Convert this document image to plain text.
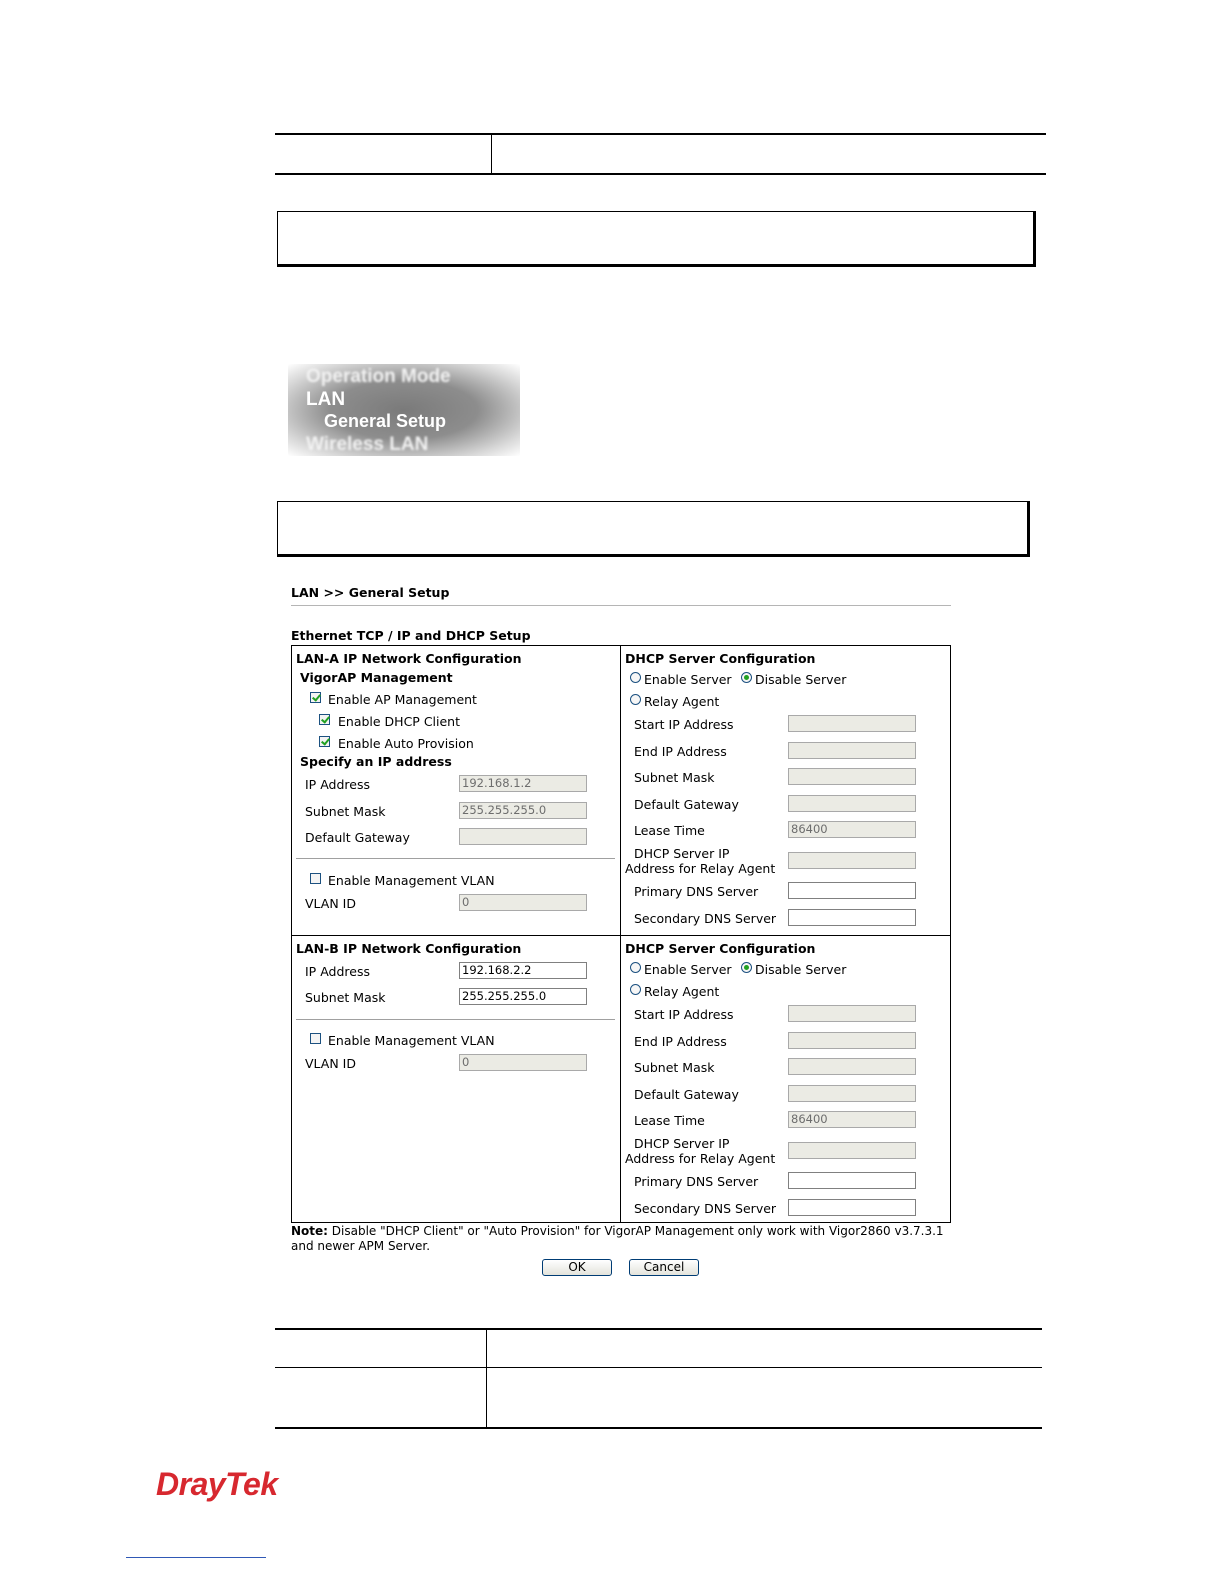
Operation Mode
LAN
General Setup
Wireless LAN
LAN >> General Setup
Ethernet TCP / IP and DHCP Setup
LAN-A IP Network Configuration
VigorAP Management
Enable AP Management
Enable DHCP Client
Enable Auto Provision
Specify an IP address
IP Address	192.168.1.2
Subnet Mask	255.255.255.0
Default Gateway
Enable Management VLAN
VLAN ID	0
DHCP Server Configuration
Enable Server Disable Server
Relay Agent
Start IP Address
End IP Address
Subnet Mask
Default Gateway
Lease Time	86400
DHCP Server IP
Address for Relay Agent
Primary DNS Server
Secondary DNS Server
LAN-B IP Network Configuration
IP Address	192.168.2.2
Subnet Mask	255.255.255.0
Enable Management VLAN
VLAN ID	0
DHCP Server Configuration
Enable Server Disable Server
Relay Agent
Start IP Address
End IP Address
Subnet Mask
Default Gateway
Lease Time	86400
DHCP Server IP
Address for Relay Agent
Primary DNS Server
Secondary DNS Server
Note: Disable "DHCP Client" or "Auto Provision" for VigorAP Management only work with Vigor2860 v3.7.3.1 and newer APM Server.
OK	Cancel
DrayTek
